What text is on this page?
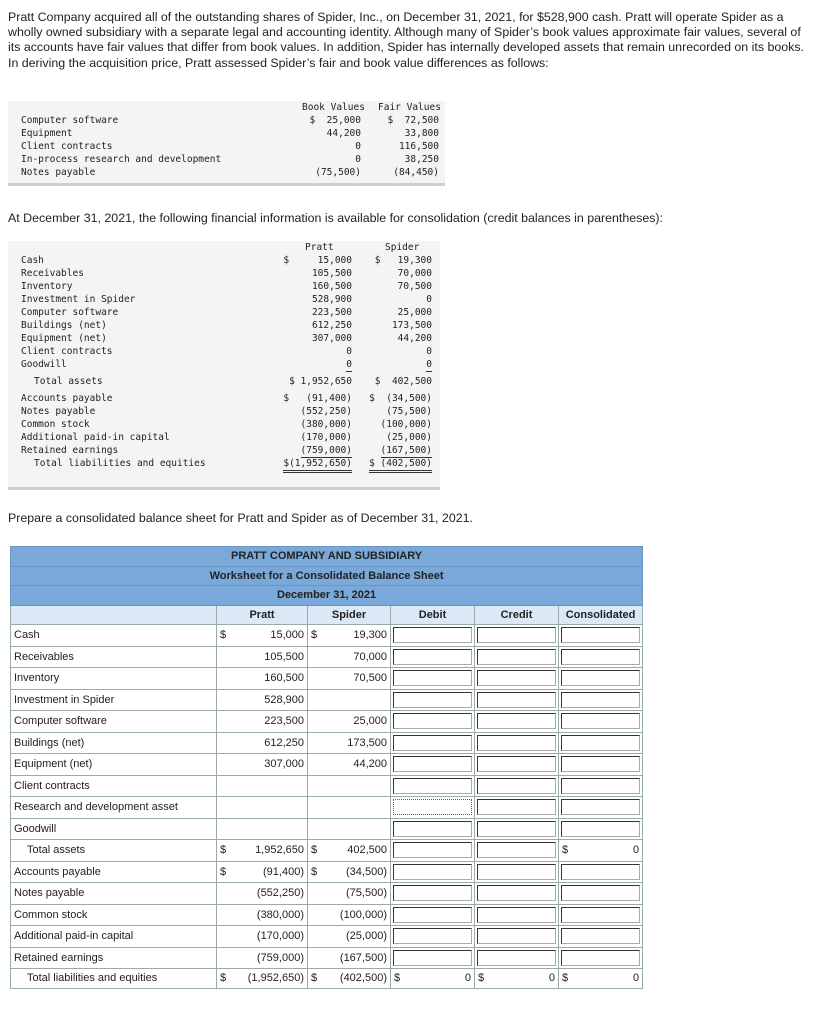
Pratt Company acquired all of the outstanding shares of Spider, Inc., on December 31, 2021, for $528,900 cash. Pratt will operate Spider as a wholly owned subsidiary with a separate legal and accounting identity. Although many of Spider’s book values approximate fair values, several of its accounts have fair values that differ from book values. In addition, Spider has internally developed assets that remain unrecorded on its books. In deriving the acquisition price, Pratt assessed Spider’s fair and book value differences as follows:

Book Values

Fair Values

Computer software	$  25,000	$  72,500
Equipment	44,200	33,800
Client contracts	0	116,500
In-process research and development	0	38,250
Notes payable	(75,500)	(84,450)
At December 31, 2021, the following financial information is available for consolidation (credit balances in parentheses):

Pratt

	Spider

Cash	$     15,000 $   19,300
Receivables	105,500	70,000
Inventory	160,500	70,500
Investment in Spider	528,900	0
Computer software	223,500	25,000
Buildings (net)	612,250	173,500
Equipment (net)	307,000	44,200
Client contracts	0	0
Goodwill	0	0
Total assets	$ 1,952,650 $  402,500
Accounts payable	$   (91,400) $  (34,500)
Notes payable	(552,250)	(75,500)
Common stock	(380,000)	(100,000)
Additional paid-in capital	(170,000)	(25,000)
Retained earnings	(759,000)	(167,500)
Total liabilities and equities	$(1,952,650) $ (402,500)
Prepare a consolidated balance sheet for Pratt and Spider as of December 31, 2021.
PRATT COMPANY AND SUBSIDIARY							
Worksheet for a Consolidated Balance Sheet							
December 31, 2021							
	Pratt		Spider		Debit	Credit	Consolidated
Cash	$	15,000	$	19,300	

Receivables		105,500		70,000	

Inventory		160,500		70,500	

Investment in Spider		528,900			

Computer software		223,500		25,000	

Buildings (net)		612,250		173,500	

Equipment (net)		307,000		44,200	

Client contracts					

Research and development asset					

Goodwill					

Total assets	$	1,952,650	$	402,500			$ 0

Accounts payable	$	(91,400)	$	(34,500)	

Notes payable		(552,250)		(75,500)	

Common stock		(380,000)		(100,000)	

Additional paid-in capital		(170,000)		(25,000)	

Retained earnings		(759,000)		(167,500)	

Total liabilities and equities	$	(1,952,650)	$	(402,500)	$ 0	$ 0	$ 0
